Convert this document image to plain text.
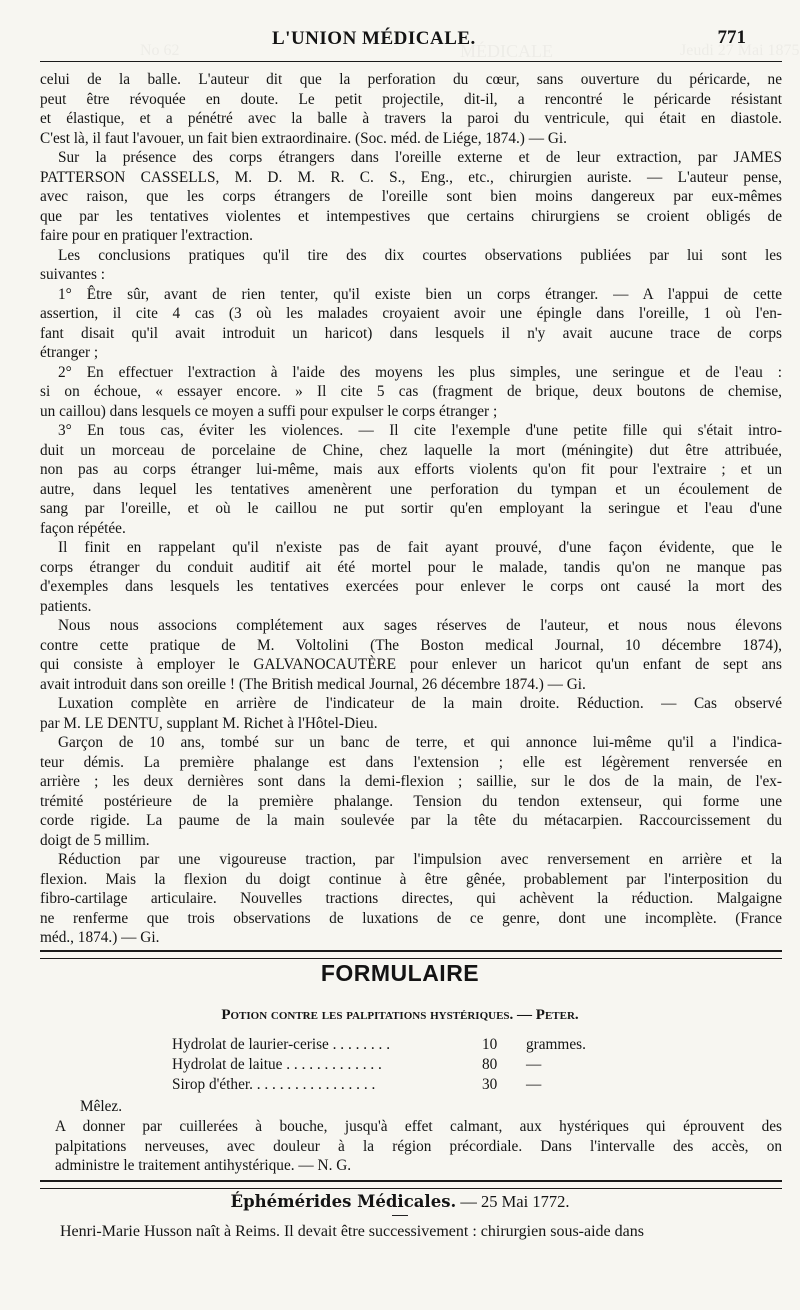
No 62	MÉDICALE	Jeudi 27 Mai 1875
L'UNION MÉDICALE.	771
celui de la balle. L'auteur dit que la perforation du cœur, sans ouverture du péricarde, ne
peut être révoquée en doute. Le petit projectile, dit-il, a rencontré le péricarde résistant
et élastique, et a pénétré avec la balle à travers la paroi du ventricule, qui était en diastole.
C'est là, il faut l'avouer, un fait bien extraordinaire. (Soc. méd. de Liége, 1874.) — Gi.
Sur la présence des corps étrangers dans l'oreille externe et de leur extraction, par JAMES
PATTERSON CASSELLS, M. D. M. R. C. S., Eng., etc., chirurgien auriste. — L'auteur pense,
avec raison, que les corps étrangers de l'oreille sont bien moins dangereux par eux-mêmes
que par les tentatives violentes et intempestives que certains chirurgiens se croient obligés de
faire pour en pratiquer l'extraction.
Les conclusions pratiques qu'il tire des dix courtes observations publiées par lui sont les
suivantes :
1° Être sûr, avant de rien tenter, qu'il existe bien un corps étranger. — A l'appui de cette
assertion, il cite 4 cas (3 où les malades croyaient avoir une épingle dans l'oreille, 1 où l'en-
fant disait qu'il avait introduit un haricot) dans lesquels il n'y avait aucune trace de corps
étranger ;
2° En effectuer l'extraction à l'aide des moyens les plus simples, une seringue et de l'eau :
si on échoue, « essayer encore. » Il cite 5 cas (fragment de brique, deux boutons de chemise,
un caillou) dans lesquels ce moyen a suffi pour expulser le corps étranger ;
3° En tous cas, éviter les violences. — Il cite l'exemple d'une petite fille qui s'était intro-
duit un morceau de porcelaine de Chine, chez laquelle la mort (méningite) dut être attribuée,
non pas au corps étranger lui-même, mais aux efforts violents qu'on fit pour l'extraire ; et un
autre, dans lequel les tentatives amenèrent une perforation du tympan et un écoulement de
sang par l'oreille, et où le caillou ne put sortir qu'en employant la seringue et l'eau d'une
façon répétée.
Il finit en rappelant qu'il n'existe pas de fait ayant prouvé, d'une façon évidente, que le
corps étranger du conduit auditif ait été mortel pour le malade, tandis qu'on ne manque pas
d'exemples dans lesquels les tentatives exercées pour enlever le corps ont causé la mort des
patients.
Nous nous associons complétement aux sages réserves de l'auteur, et nous nous élevons
contre cette pratique de M. Voltolini (The Boston medical Journal, 10 décembre 1874),
qui consiste à employer le GALVANOCAUTÈRE pour enlever un haricot qu'un enfant de sept ans
avait introduit dans son oreille ! (The British medical Journal, 26 décembre 1874.) — Gi.
Luxation complète en arrière de l'indicateur de la main droite. Réduction. — Cas observé
par M. LE DENTU, supplant M. Richet à l'Hôtel-Dieu.
Garçon de 10 ans, tombé sur un banc de terre, et qui annonce lui-même qu'il a l'indica-
teur démis. La première phalange est dans l'extension ; elle est légèrement renversée en
arrière ; les deux dernières sont dans la demi-flexion ; saillie, sur le dos de la main, de l'ex-
trémité postérieure de la première phalange. Tension du tendon extenseur, qui forme une
corde rigide. La paume de la main soulevée par la tête du métacarpien. Raccourcissement du
doigt de 5 millim.
Réduction par une vigoureuse traction, par l'impulsion avec renversement en arrière et la
flexion. Mais la flexion du doigt continue à être gênée, probablement par l'interposition du
fibro-cartilage articulaire. Nouvelles tractions directes, qui achèvent la réduction. Malgaigne
ne renferme que trois observations de luxations de ce genre, dont une incomplète. (France
méd., 1874.) — Gi.
FORMULAIRE
Potion contre les palpitations hystériques. — Peter.
Hydrolat de laurier-cerise . . . . . . . .	10 grammes.
Hydrolat de laitue . . . . . . . . . . . . .	80 —
Sirop d'éther. . . . . . . . . . . . . . . . .	30 —
Mêlez.
A donner par cuillerées à bouche, jusqu'à effet calmant, aux hystériques qui éprouvent des
palpitations nerveuses, avec douleur à la région précordiale. Dans l'intervalle des accès, on
administre le traitement antihystérique. — N. G.
Éphémérides Médicales. — 25 Mai 1772.
Henri-Marie Husson naît à Reims. Il devait être successivement : chirurgien sous-aide dans
